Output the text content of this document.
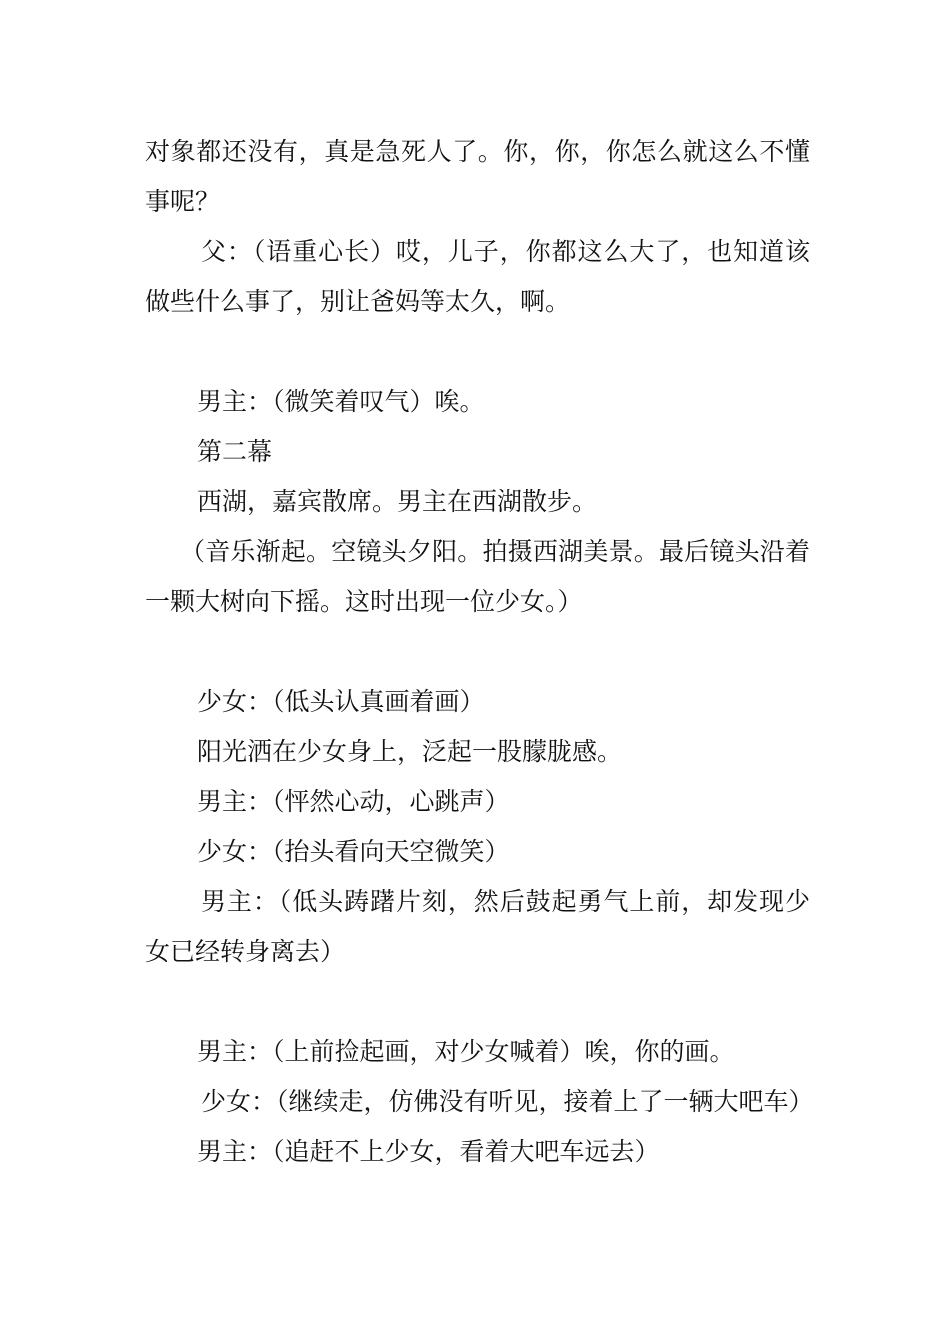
对象都还没有，真是急死人了。你，你，你怎么就这么不懂事呢？

父：（语重心长）哎，儿子，你都这么大了，也知道该做些什么事了，别让爸妈等太久，啊。

男主：（微笑着叹气）唉。

第二幕

西湖，嘉宾散席。男主在西湖散步。

（音乐渐起。空镜头夕阳。拍摄西湖美景。最后镜头沿着一颗大树向下摇。这时出现一位少女。）

少女：（低头认真画着画）

阳光洒在少女身上，泛起一股朦胧感。

男主：（怦然心动，心跳声）

少女：（抬头看向天空微笑）

男主：（低头踌躇片刻，然后鼓起勇气上前，却发现少女已经转身离去）

男主：（上前捡起画，对少女喊着）唉，你的画。

少女：（继续走，仿佛没有听见，接着上了一辆大吧车）

男主：（追赶不上少女，看着大吧车远去）
